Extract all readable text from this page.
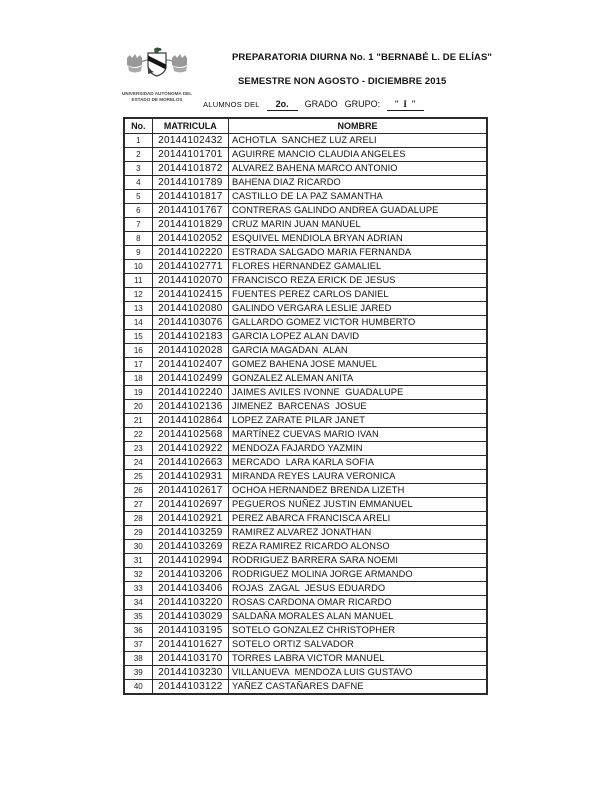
UNIVERSIDAD AUTÓNOMA DEL
ESTADO DE MORELOS
PREPARATORIA DIURNA No. 1 "BERNABÉ L. DE ELÍAS"
SEMESTRE NON AGOSTO - DICIEMBRE 2015
ALUMNOS DEL	2o.	GRADO GRUPO:	" I "
No.	MATRICULA	NOMBRE
1	20144102432	ACHOTLA  SANCHEZ LUZ ARELI
2	20144101701	AGUIRRE MANCIO CLAUDIA ANGELES
3	20144101872	ALVAREZ BAHENA MARCO ANTONIO
4	20144101789	BAHENA DIAZ RICARDO
5	20144101817	CASTILLO DE LA PAZ SAMANTHA
6	20144101767	CONTRERAS GALINDO ANDREA GUADALUPE
7	20144101829	CRUZ MARIN JUAN MANUEL
8	20144102052	ESQUIVEL MENDIOLA BRYAN ADRIAN
9	20144102220	ESTRADA SALGADO MARIA FERNANDA
10	20144102771	FLORES HERNANDEZ GAMALIEL
11	20144102070	FRANCISCO REZA ERICK DE JESUS
12	20144102415	FUENTES PEREZ CARLOS DANIEL
13	20144102080	GALINDO VERGARA LESLIE JARED
14	20144103076	GALLARDO GOMEZ VICTOR HUMBERTO
15	20144102183	GARCIA LOPEZ ALAN DAVID
16	20144102028	GARCIA MAGADAN  ALAN
17	20144102407	GOMEZ BAHENA JOSE MANUEL
18	20144102499	GONZALEZ ALEMAN ANITA
19	20144102240	JAIMES AVILES IVONNE  GUADALUPE
20	20144102136	JIMENEZ  BARCENAS  JOSUE
21	20144102864	LOPEZ ZARATE PILAR JANET
22	20144102568	MARTÍNEZ CUEVAS MARIO IVAN
23	20144102922	MENDOZA FAJARDO YAZMIN
24	20144102663	MERCADO  LARA KARLA SOFIA
25	20144102931	MIRANDA REYES LAURA VERONICA
26	20144102617	OCHOA HERNANDEZ BRENDA LIZETH
27	20144102697	PEGUEROS NUÑEZ JUSTIN EMMANUEL
28	20144102921	PEREZ ABARCA FRANCISCA ARELI
29	20144103259	RAMIREZ ALVAREZ JONATHAN
30	20144103269	REZA RAMIREZ RICARDO ALONSO
31	20144102994	RODRIGUEZ BARRERA SARA NOEMI
32	20144103206	RODRIGUEZ MOLINA JORGE ARMANDO
33	20144103406	ROJAS  ZAGAL  JESUS EDUARDO
34	20144103220	ROSAS CARDONA OMAR RICARDO
35	20144103029	SALDAÑA MORALES ALAN MANUEL
36	20144103195	SOTELO GONZALEZ CHRISTOPHER
37	20144101627	SOTELO ORTIZ SALVADOR
38	20144103170	TORRES LABRA VICTOR MANUEL
39	20144103230	VILLANUEVA  MENDOZA LUIS GUSTAVO
40	20144103122	YAÑEZ CASTAÑARES DAFNE
